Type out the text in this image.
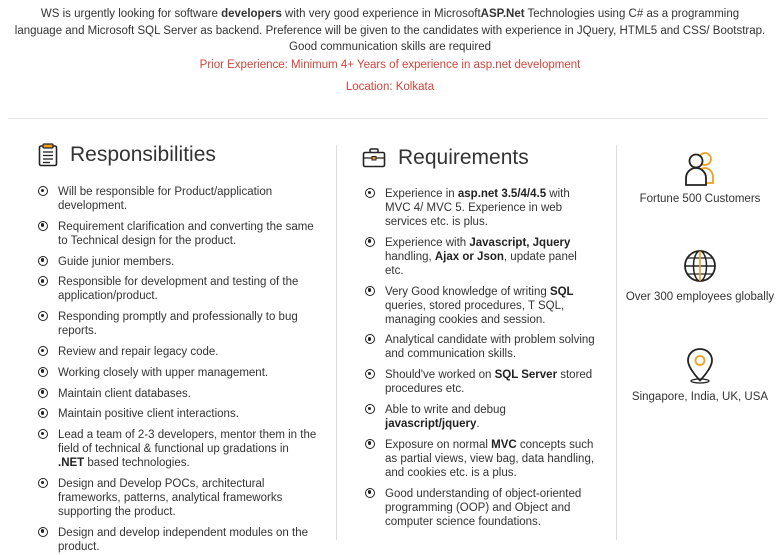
WS is urgently looking for software developers with very good experience in MicrosoftASP.Net Technologies using C# as a programming

language and Microsoft SQL Server as backend. Preference will be given to the candidates with experience in JQuery, HTML5 and CSS/ Bootstrap.

Good communication skills are required

Prior Experience: Minimum 4+ Years of experience in asp.net development

Location: Kolkata

Responsibilities
Will be responsible for Product/application development.
Requirement clarification and converting the same to Technical design for the product.
Guide junior members.
Responsible for development and testing of the application/product.
Responding promptly and professionally to bug reports.
Review and repair legacy code.
Working closely with upper management.
Maintain client databases.
Maintain positive client interactions.
Lead a team of 2-3 developers, mentor them in the field of technical & functional up gradations in .NET based technologies.
Design and Develop POCs, architectural frameworks, patterns, analytical frameworks supporting the product.
Design and develop independent modules on the product.
Requirements
Experience in asp.net 3.5/4/4.5 with MVC 4/ MVC 5. Experience in web services etc. is plus.
Experience with Javascript, Jquery handling, Ajax or Json, update panel etc.
Very Good knowledge of writing SQL queries, stored procedures, T SQL, managing cookies and session.
Analytical candidate with problem solving and communication skills.
Should've worked on SQL Server stored procedures etc.
Able to write and debug javascript/jquery.
Exposure on normal MVC concepts such as partial views, view bag, data handling, and cookies etc. is a plus.
Good understanding of object-oriented programming (OOP) and Object and computer science foundations.
Fortune 500 Customers
Over 300 employees globally
Singapore, India, UK, USA
